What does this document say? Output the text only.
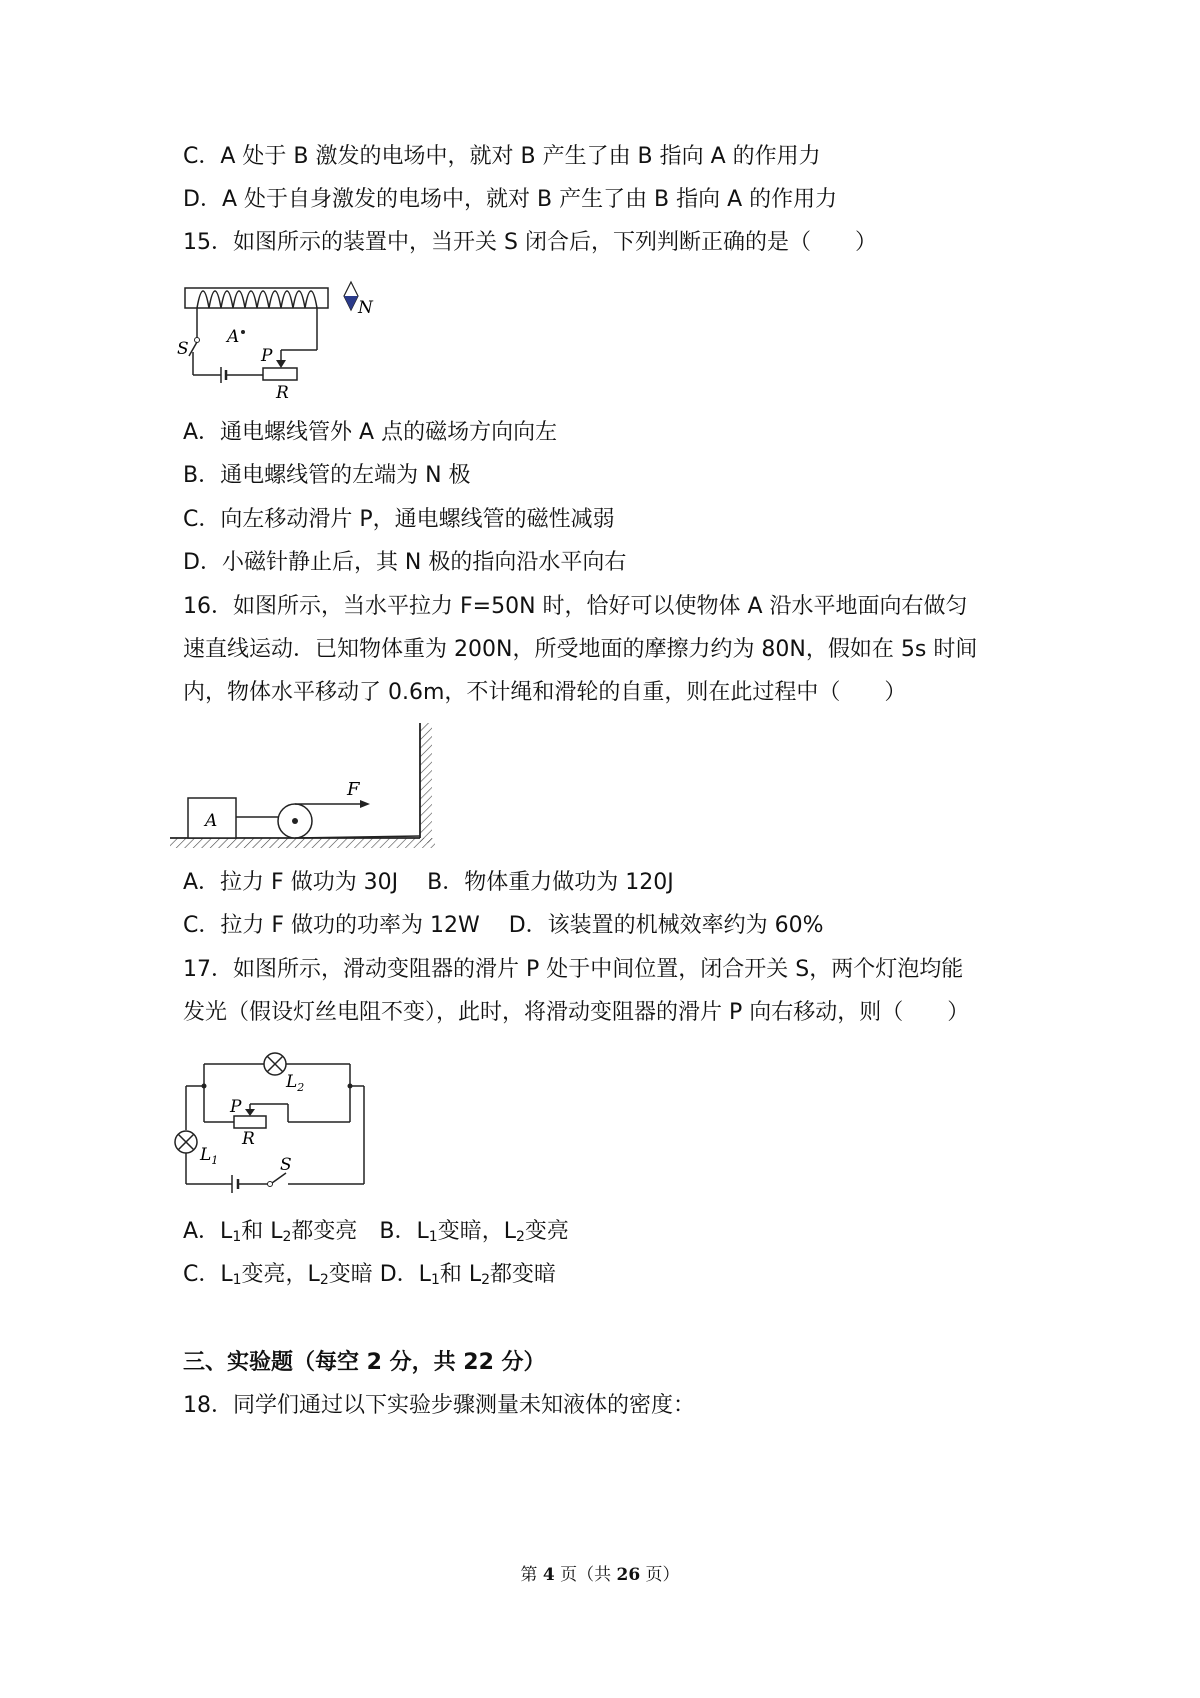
C．A 处于 B 激发的电场中，就对 B 产生了由 B 指向 A 的作用力
D．A 处于自身激发的电场中，就对 B 产生了由 B 指向 A 的作用力
15．如图所示的装置中，当开关 S 闭合后，下列判断正确的是（　　）
S
A
P
R
N
A．通电螺线管外 A 点的磁场方向向左
B．通电螺线管的左端为 N 极
C．向左移动滑片 P，通电螺线管的磁性减弱
D．小磁针静止后，其 N 极的指向沿水平向右
16．如图所示，当水平拉力 F=50N 时，恰好可以使物体 A 沿水平地面向右做匀
速直线运动．已知物体重为 200N，所受地面的摩擦力约为 80N，假如在 5s 时间
内，物体水平移动了 0.6m，不计绳和滑轮的自重，则在此过程中（　　）
A
F
A．拉力 F 做功为 30J　 B．物体重力做功为 120J
C．拉力 F 做功的功率为 12W　 D．该装置的机械效率约为 60%
17．如图所示，滑动变阻器的滑片 P 处于中间位置，闭合开关 S，两个灯泡均能
发光（假设灯丝电阻不变），此时，将滑动变阻器的滑片 P 向右移动，则（　　）
$L_2$
P
R
$L_1$	S
A．$L_1$和 $L_2$都变亮　B．$L_1$变暗，$L_2$变亮
C．$L_1$变亮，$L_2$变暗 D．$L_1$和 $L_2$都变暗
三、实验题（每空 2 分，共 22 分）
18．同学们通过以下实验步骤测量未知液体的密度：
第 4 页（共 26 页）
